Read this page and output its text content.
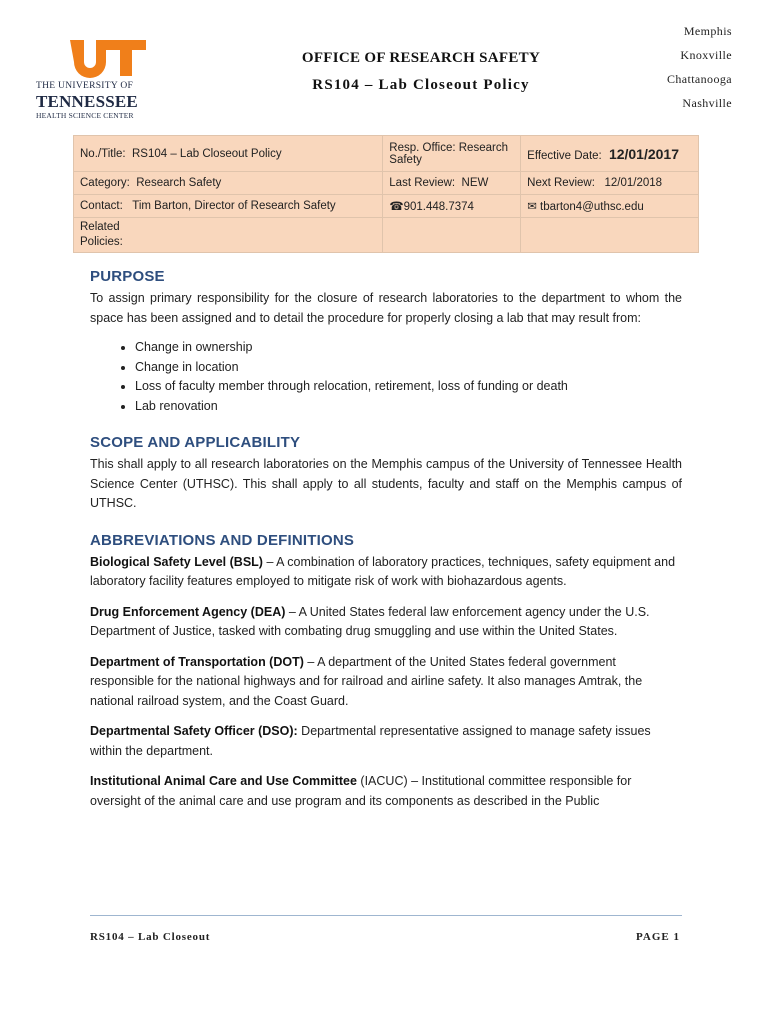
THE UNIVERSITY OF
TENNESSEE
HEALTH SCIENCE CENTER
OFFICE OF RESEARCH SAFETY
RS104 – Lab Closeout Policy
Memphis
Knoxville
Chattanooga
Nashville
No./Title: RS104 – Lab Closeout Policy	Resp. Office: Research Safety	Effective Date: 12/01/2017
Category: Research Safety	Last Review: NEW	Next Review: 12/01/2018
Contact: Tim Barton, Director of Research Safety	☎901.448.7374	✉ tbarton4@uthsc.edu
Related Policies:		
PURPOSE

To assign primary responsibility for the closure of research laboratories to the department to whom the space has been assigned and to detail the procedure for properly closing a lab that may result from:

• Change in ownership
• Change in location
• Loss of faculty member through relocation, retirement, loss of funding or death
• Lab renovation
SCOPE AND APPLICABILITY

This shall apply to all research laboratories on the Memphis campus of the University of Tennessee Health Science Center (UTHSC). This shall apply to all students, faculty and staff on the Memphis campus of UTHSC.

ABBREVIATIONS AND DEFINITIONS

Biological Safety Level (BSL) – A combination of laboratory practices, techniques, safety equipment and laboratory facility features employed to mitigate risk of work with biohazardous agents.

Drug Enforcement Agency (DEA) – A United States federal law enforcement agency under the U.S. Department of Justice, tasked with combating drug smuggling and use within the United States.

Department of Transportation (DOT) – A department of the United States federal government responsible for the national highways and for railroad and airline safety. It also manages Amtrak, the national railroad system, and the Coast Guard.

Departmental Safety Officer (DSO): Departmental representative assigned to manage safety issues within the department.

Institutional Animal Care and Use Committee (IACUC) – Institutional committee responsible for oversight of the animal care and use program and its components as described in the Public

RS104 – Lab Closeout	PAGE 1
